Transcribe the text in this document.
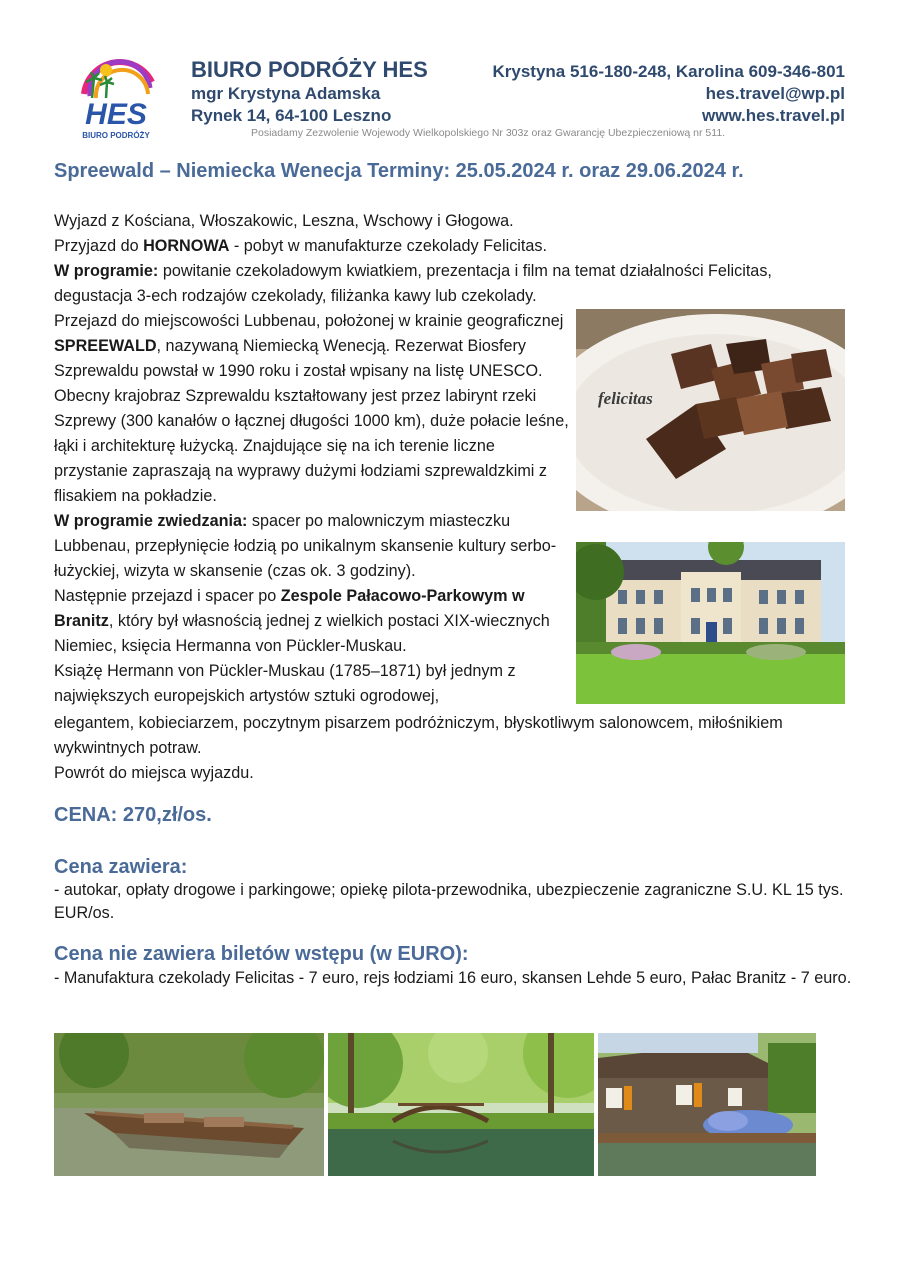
HES
BIURO PODRÓŻY
BIURO PODRÓŻY HES
mgr Krystyna Adamska
Rynek 14, 64-100 Leszno
Krystyna 516-180-248, Karolina 609-346-801
hes.travel@wp.pl
www.hes.travel.pl
Posiadamy Zezwolenie Wojewody Wielkopolskiego Nr 303z oraz Gwarancję Ubezpieczeniową nr 511.
Spreewald – Niemiecka Wenecja Terminy: 25.05.2024 r. oraz 29.06.2024 r.

Wyjazd z Kościana, Włoszakowic, Leszna, Wschowy i Głogowa.

Przyjazd do HORNOWA - pobyt w manufakturze czekolady Felicitas.

W programie: powitanie czekoladowym kwiatkiem, prezentacja i film na temat działalności Felicitas, degustacja 3-ech rodzajów czekolady, filiżanka kawy lub czekolady.

Przejazd do miejscowości Lubbenau, położonej w krainie geograficznej SPREEWALD, nazywaną Niemiecką Wenecją. Rezerwat Biosfery Szprewaldu powstał w 1990 roku i został wpisany na listę UNESCO. Obecny krajobraz Szprewaldu kształtowany jest przez labirynt rzeki Szprewy (300 kanałów o łącznej długości 1000 km), duże połacie leśne, łąki i architekturę łużycką. Znajdujące się na ich terenie liczne przystanie zapraszają na wyprawy dużymi łodziami szprewaldzkimi z flisakiem na pokładzie.

W programie zwiedzania: spacer po malowniczym miasteczku Lubbenau, przepłynięcie łodzią po unikalnym skansenie kultury serbo-łużyckiej, wizyta w skansenie (czas ok. 3 godziny).

Następnie przejazd i spacer po Zespole Pałacowo-Parkowym w Branitz, który był własnością jednej z wielkich postaci XIX-wiecznych Niemiec, księcia Hermanna von Pückler-Muskau.

Książę Hermann von Pückler-Muskau (1785–1871) był jednym z największych europejskich artystów sztuki ogrodowej,

elegantem, kobieciarzem, poczytnym pisarzem podróżniczym, błyskotliwym salonowcem, miłośnikiem wykwintnych potraw.

Powrót do miejsca wyjazdu.

felicitas
CENA: 270,zł/os.
Cena zawiera:
- autokar, opłaty drogowe i parkingowe; opiekę pilota-przewodnika, ubezpieczenie zagraniczne S.U. KL 15 tys. EUR/os.
Cena nie zawiera biletów wstępu (w EURO):
- Manufaktura czekolady Felicitas - 7 euro, rejs łodziami 16 euro, skansen Lehde 5 euro, Pałac Branitz - 7 euro.
